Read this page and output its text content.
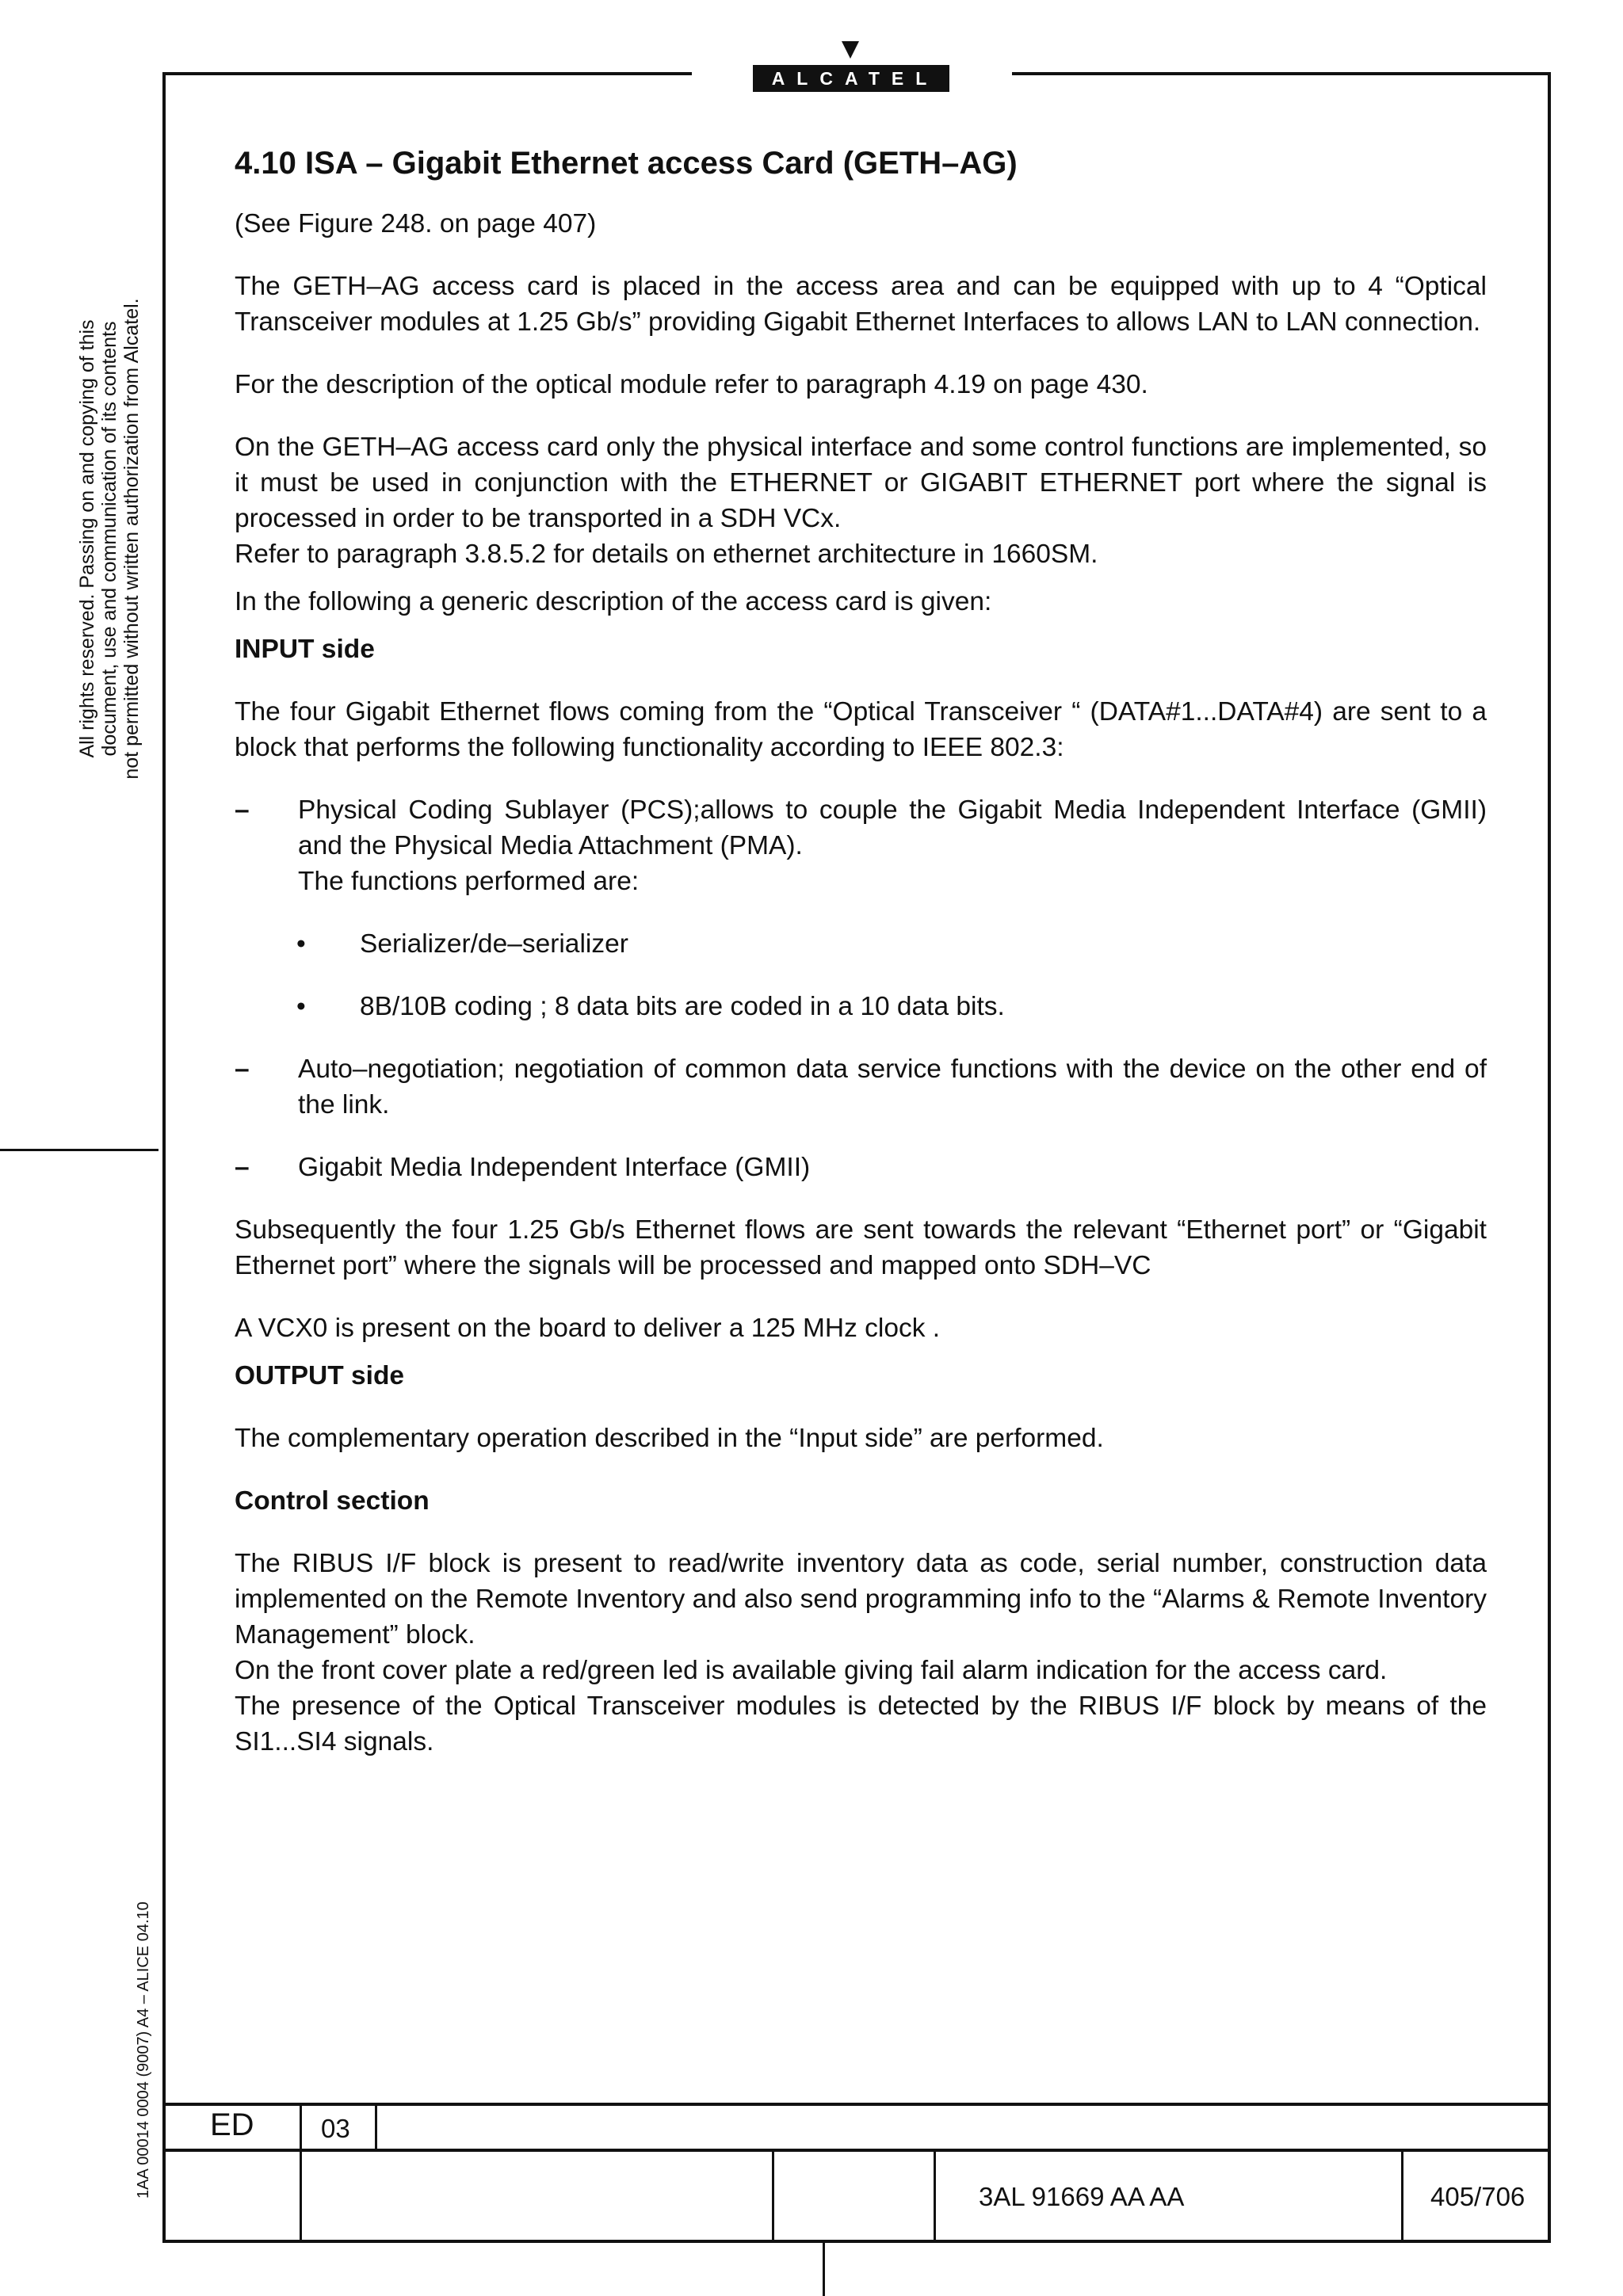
ALCATEL
All rights reserved. Passing on and copying of this document, use and communication of its contents not permitted without written authorization from Alcatel.
1AA 00014 0004 (9007) A4 – ALICE 04.10
4.10 ISA – Gigabit Ethernet access Card (GETH–AG)

(See Figure 248. on page 407)

The GETH–AG access card is placed in the access area and can be equipped with up to 4 “Optical Transceiver modules at 1.25 Gb/s” providing Gigabit Ethernet Interfaces to allows LAN to LAN connection.

For the description of the optical module refer to paragraph 4.19 on page 430.

On the GETH–AG access card only the physical interface and some control functions are implemented, so it must be used in conjunction with the ETHERNET or GIGABIT ETHERNET port where the signal is processed in order to be transported in a SDH VCx.

Refer to paragraph 3.8.5.2 for details on ethernet architecture in 1660SM.

In the following a generic description of the access card is given:

INPUT side

The four Gigabit Ethernet flows coming from the “Optical Transceiver “ (DATA#1...DATA#4) are sent to a block that performs the following functionality according to IEEE 802.3:

– Physical Coding Sublayer (PCS);allows to couple the Gigabit Media Independent Interface (GMII) and the Physical Media Attachment (PMA).
The functions performed are:
• Serializer/de–serializer
• 8B/10B coding ; 8 data bits are coded in a 10 data bits.
– Auto–negotiation; negotiation of common data service functions with the device on the other end of the link.
– Gigabit Media Independent Interface (GMII)

Subsequently the four 1.25 Gb/s Ethernet flows are sent towards the relevant “Ethernet port” or “Gigabit Ethernet port” where the signals will be processed and mapped onto SDH–VC

A VCX0 is present on the board to deliver a 125 MHz clock .

OUTPUT side

The complementary operation described in the “Input side” are performed.

Control section

The RIBUS I/F block is present to read/write inventory data as code, serial number, construction data implemented on the Remote Inventory and also send programming info to the “Alarms & Remote Inventory Management” block.

On the front cover plate a red/green led is available giving fail alarm indication for the access card.

The presence of the Optical Transceiver modules is detected by the RIBUS I/F block by means of the SI1...SI4 signals.

ED	03
3AL 91669 AA AA	405/706
